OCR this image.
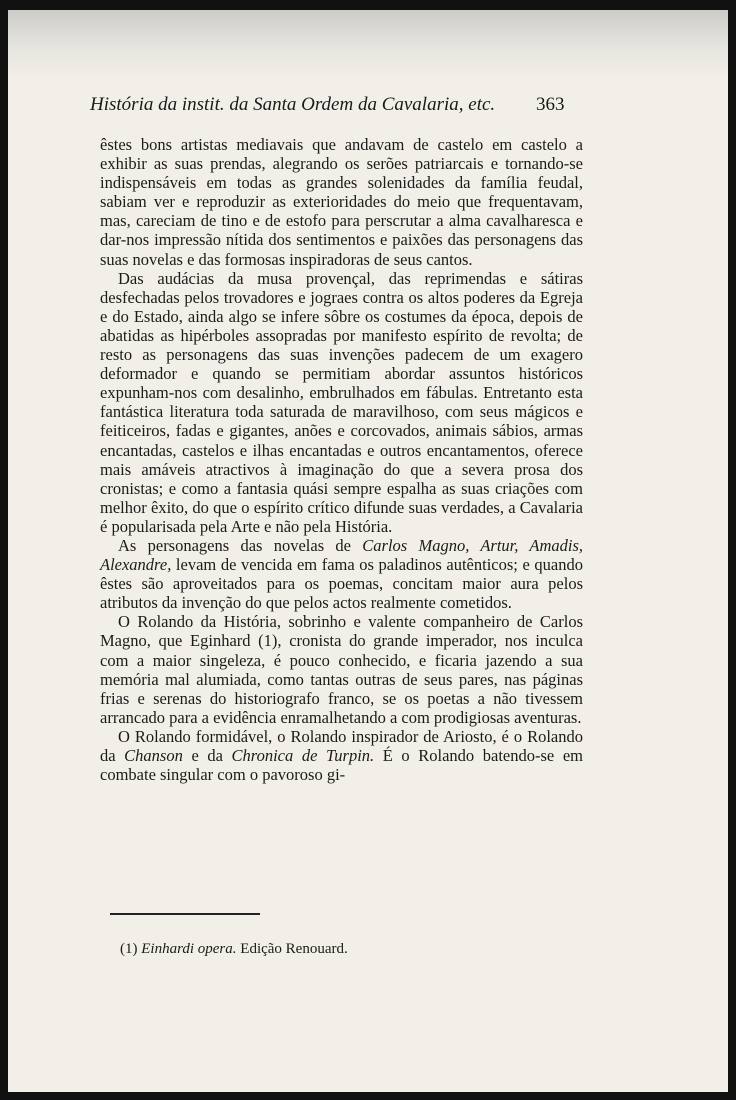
História da instit. da Santa Ordem da Cavalaria, etc.	363

êstes bons artistas mediavais que andavam de castelo em castelo a exhibir as suas prendas, alegrando os serões patriarcais e tornando-se indispensáveis em todas as grandes solenidades da família feudal, sabiam ver e reproduzir as exterioridades do meio que frequentavam, mas, careciam de tino e de estofo para perscrutar a alma cavalharesca e dar-nos impressão nítida dos sentimentos e paixões das personagens das suas novelas e das formosas inspiradoras de seus cantos.

Das audácias da musa provençal, das reprimendas e sátiras desfechadas pelos trovadores e jograes contra os altos poderes da Egreja e do Estado, ainda algo se infere sôbre os costumes da época, depois de abatidas as hipérboles assopradas por manifesto espírito de revolta; de resto as personagens das suas invenções padecem de um exagero deformador e quando se permitiam abordar assuntos históricos expunham-nos com desalinho, embrulhados em fábulas. Entretanto esta fantástica literatura toda saturada de maravilhoso, com seus mágicos e feiticeiros, fadas e gigantes, anões e corcovados, animais sábios, armas encantadas, castelos e ilhas encantadas e outros encantamentos, oferece mais amáveis atractivos à imaginação do que a severa prosa dos cronistas; e como a fantasia quási sempre espalha as suas criações com melhor êxito, do que o espírito crítico difunde suas verdades, a Cavalaria é popularisada pela Arte e não pela História.

As personagens das novelas de Carlos Magno, Artur, Amadis, Alexandre, levam de vencida em fama os paladinos autênticos; e quando êstes são aproveitados para os poemas, concitam maior aura pelos atributos da invenção do que pelos actos realmente cometidos.

O Rolando da História, sobrinho e valente companheiro de Carlos Magno, que Eginhard (1), cronista do grande imperador, nos inculca com a maior singeleza, é pouco conhecido, e ficaria jazendo a sua memória mal alumiada, como tantas outras de seus pares, nas páginas frias e serenas do historiografo franco, se os poetas a não tivessem arrancado para a evidência enramalhetando a com prodigiosas aventuras.

O Rolando formidável, o Rolando inspirador de Ariosto, é o Rolando da Chanson e da Chronica de Turpin. É o Rolando batendo-se em combate singular com o pavoroso gi-

(1) Einhardi opera. Edição Renouard.
